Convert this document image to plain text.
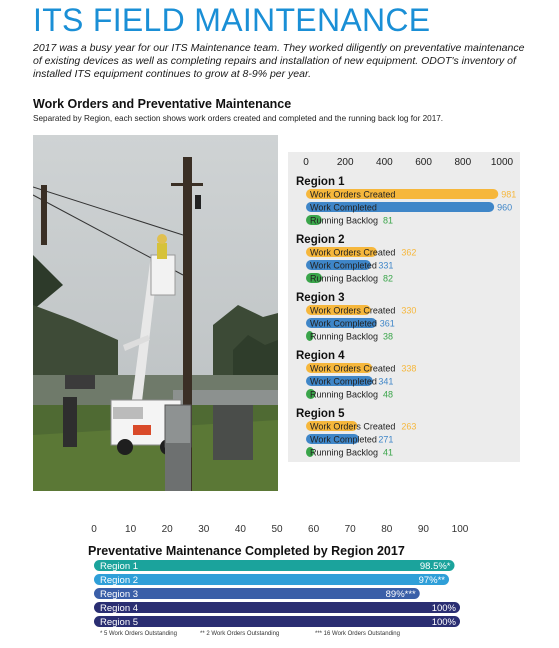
ITS FIELD MAINTENANCE

2017 was a busy year for our ITS Maintenance team. They worked diligently on preventative maintenance of existing devices as well as completing repairs and installation of new equipment. ODOT's inventory of installed ITS equipment continues to grow at 8-9% per year.

Work Orders and Preventative Maintenance

Separated by Region, each section shows work orders created and completed and the running back log for 2017.

0	200 400 600 800 1000
Region 1
Work Orders Created	981
Work Completed	960
Running Backlog 81
Region 2
Work Orders Created 362
Work Completed 331
Running Backlog 82
Region 3
Work Orders Created 330
Work Completed 361
Running Backlog 38
Region 4
Work Orders Created 338
Work Completed 341
Running Backlog 48
Region 5
Work Orders Created 263
Work Completed 271
Running Backlog 41
0	10	20	30	40	50	60	70	80	90 100
Preventative Maintenance Completed by Region 2017
Region 1	98.5%*
Region 2	97%**
Region 3	89%***
Region 4	100%
Region 5	100%
* 5 Work Orders Outstanding	** 2 Work Orders Outstanding	*** 16 Work Orders Outstanding
